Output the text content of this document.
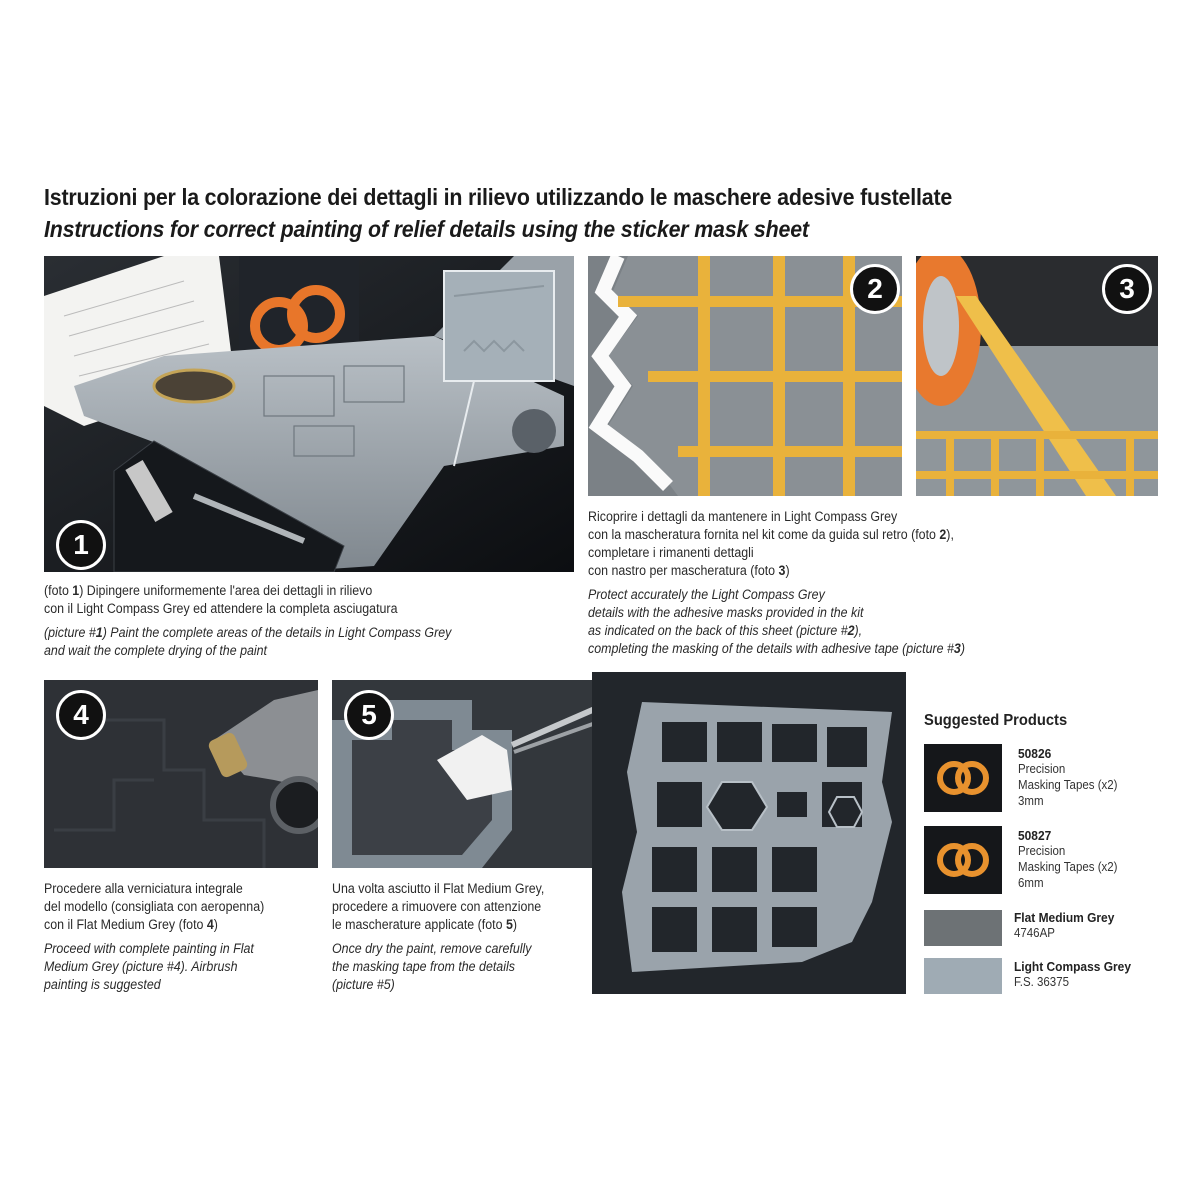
Istruzioni per la colorazione dei dettagli in rilievo utilizzando le maschere adesive fustellate
Instructions for correct painting of relief details using the sticker mask sheet
1
2	3

(foto 1) Dipingere uniformemente l'area dei dettagli in rilievo

con il Light Compass Grey ed attendere la completa asciugatura

(picture #1) Paint the complete areas of the details in Light Compass Grey

and wait the complete drying of the paint

Ricoprire i dettagli da mantenere in Light Compass Grey

con la mascheratura fornita nel kit come da guida sul retro (foto 2),

completare i rimanenti dettagli

con nastro per mascheratura (foto 3)

Protect accurately the Light Compass Grey

details with the adhesive masks provided in the kit

as indicated on the back of this sheet (picture #2),

completing the masking of the details with adhesive tape (picture #3)

4	5

Procedere alla verniciatura integrale

del modello (consigliata con aeropenna)

con il Flat Medium Grey (foto 4)

Proceed with complete painting in Flat

Medium Grey (picture #4). Airbrush

painting is suggested

Una volta asciutto il Flat Medium Grey,

procedere a rimuovere con attenzione

le mascherature applicate (foto 5)

Once dry the paint, remove carefully

the masking tape from the details

(picture #5)

Suggested Products
50826
Precision
Masking Tapes (x2)
3mm
50827
Precision
Masking Tapes (x2)
6mm
Flat Medium Grey
4746AP
Light Compass Grey
F.S. 36375
